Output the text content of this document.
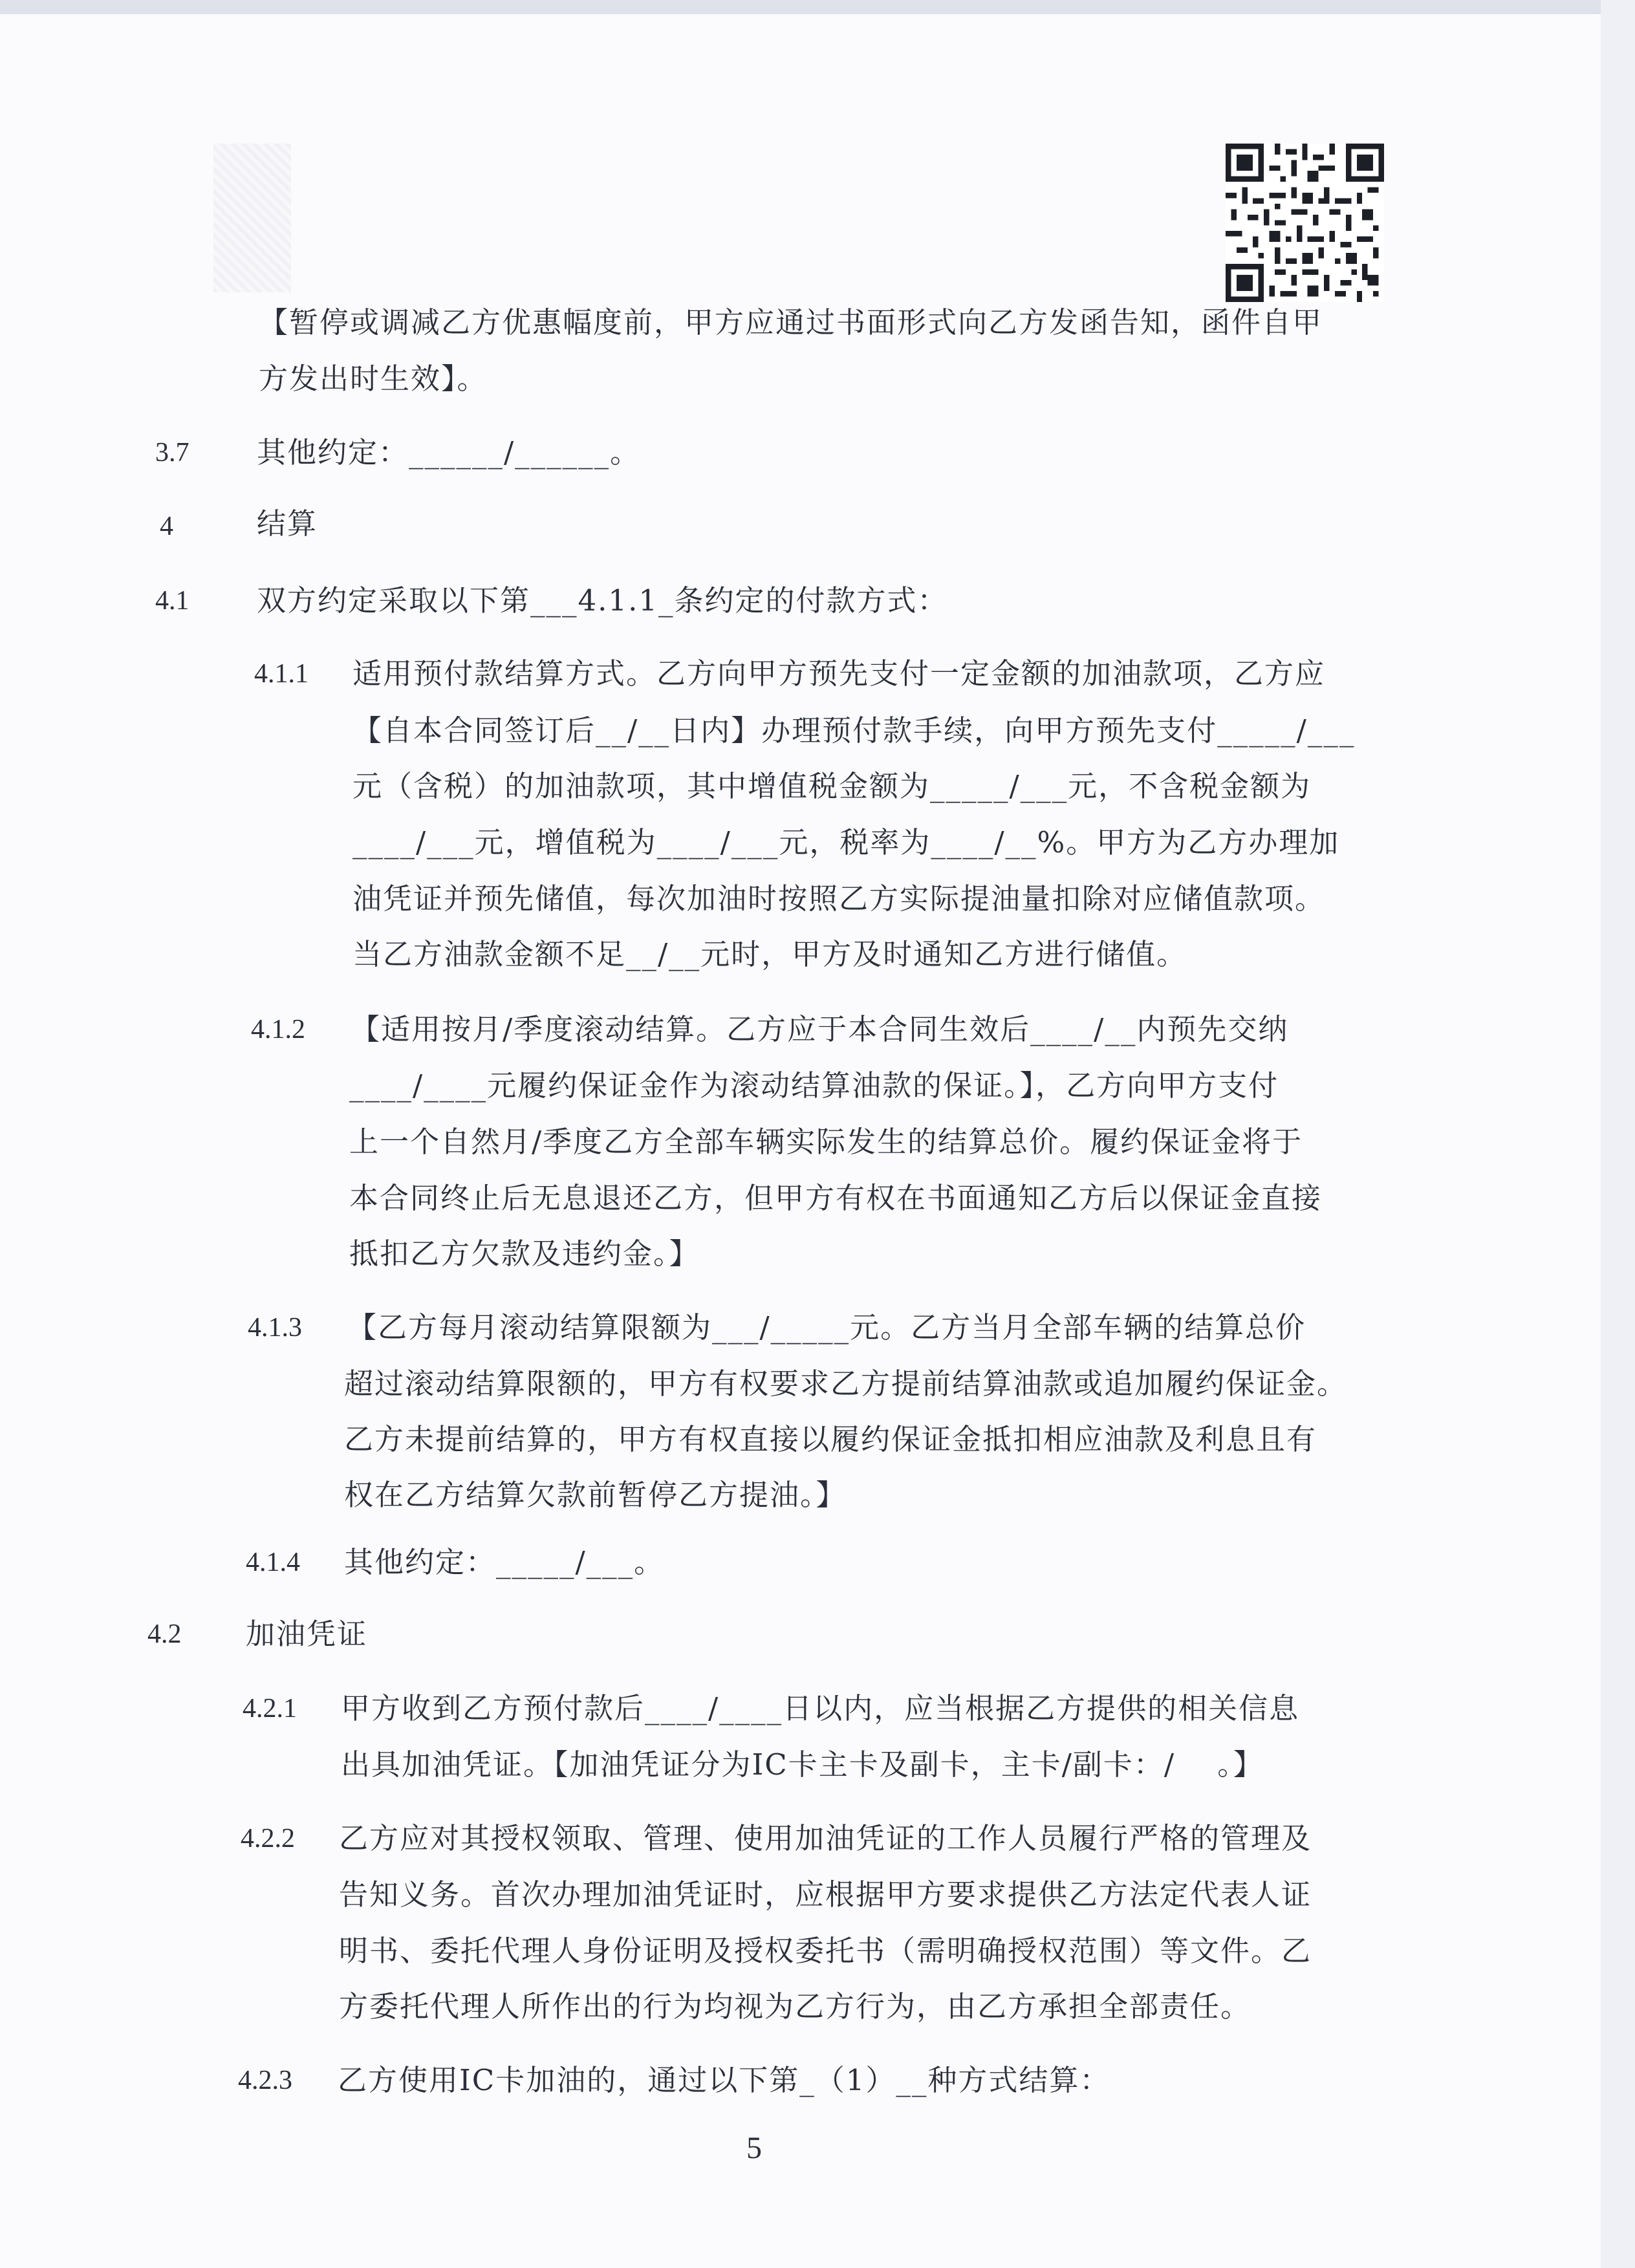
【暂停或调减乙方优惠幅度前，甲方应通过书面形式向乙方发函告知，函件自甲
方发出时生效】。
3.7 其他约定：______/______。
4	结算
4.1 双方约定采取以下第___4.1.1_条约定的付款方式：
4.1.1 适用预付款结算方式。乙方向甲方预先支付一定金额的加油款项，乙方应
【自本合同签订后__/__日内】办理预付款手续，向甲方预先支付_____/___
元（含税）的加油款项，其中增值税金额为_____/___元，不含税金额为
____/___元，增值税为____/___元，税率为____/__%。甲方为乙方办理加
油凭证并预先储值，每次加油时按照乙方实际提油量扣除对应储值款项。
当乙方油款金额不足__/__元时，甲方及时通知乙方进行储值。
4.1.2 【适用按月/季度滚动结算。乙方应于本合同生效后____/__内预先交纳
____/____元履约保证金作为滚动结算油款的保证。】，乙方向甲方支付
上一个自然月/季度乙方全部车辆实际发生的结算总价。履约保证金将于
本合同终止后无息退还乙方，但甲方有权在书面通知乙方后以保证金直接
抵扣乙方欠款及违约金。】
4.1.3 【乙方每月滚动结算限额为___/_____元。乙方当月全部车辆的结算总价
超过滚动结算限额的，甲方有权要求乙方提前结算油款或追加履约保证金。
乙方未提前结算的，甲方有权直接以履约保证金抵扣相应油款及利息且有
权在乙方结算欠款前暂停乙方提油。】
4.1.4 其他约定：_____/___。
4.2 加油凭证
4.2.1 甲方收到乙方预付款后____/____日以内，应当根据乙方提供的相关信息
出具加油凭证。【加油凭证分为IC卡主卡及副卡，主卡/副卡：/    。】
4.2.2 乙方应对其授权领取、管理、使用加油凭证的工作人员履行严格的管理及
告知义务。首次办理加油凭证时，应根据甲方要求提供乙方法定代表人证
明书、委托代理人身份证明及授权委托书（需明确授权范围）等文件。乙
方委托代理人所作出的行为均视为乙方行为，由乙方承担全部责任。
4.2.3 乙方使用IC卡加油的，通过以下第_（1）__种方式结算：
5
